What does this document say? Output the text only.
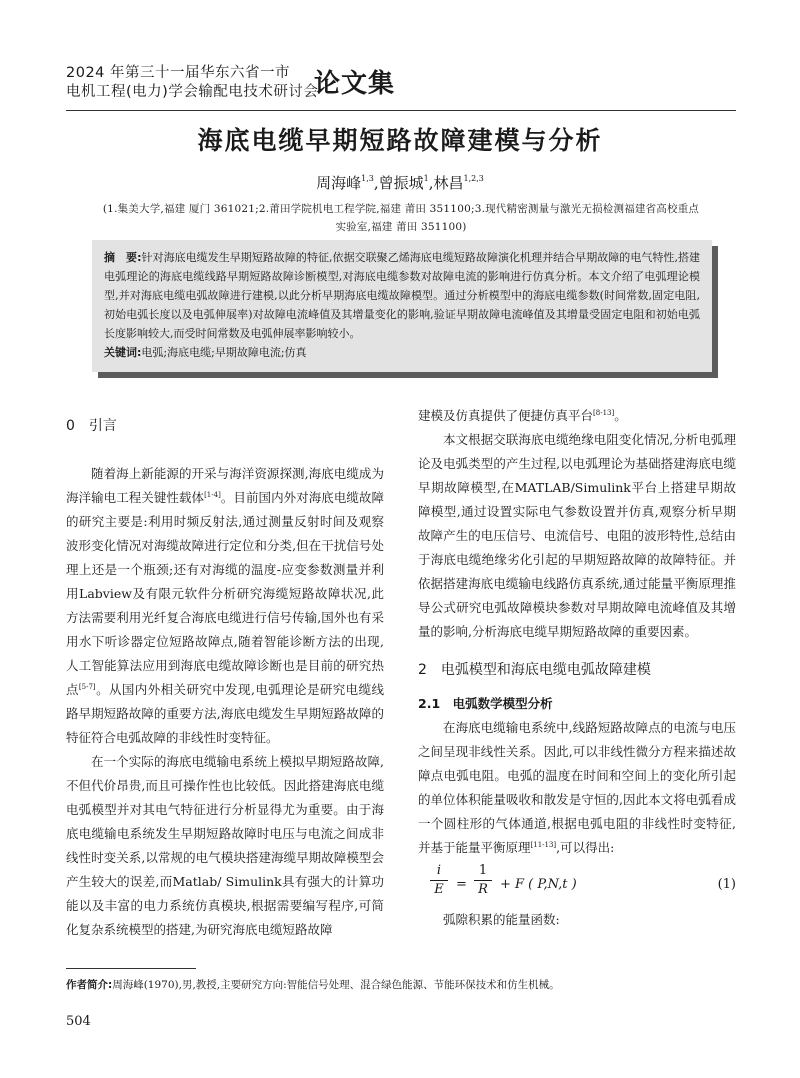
2024 年第三十一届华东六省一市
电机工程(电力)学会输配电技术研讨会
论文集
海底电缆早期短路故障建模与分析
周海峰$^{1,3}$,曾振城$^1$,林昌$^{1,2,3}$
(1.集美大学,福建 厦门 361021;2.莆田学院机电工程学院,福建 莆田 351100;3.现代精密测量与激光无损检测福建省高校重点
实验室,福建 莆田 351100)
摘　要:针对海底电缆发生早期短路故障的特征,依据交联聚乙烯海底电缆短路故障演化机理并结合早期故障的电气特性,搭建电弧理论的海底电缆线路早期短路故障诊断模型,对海底电缆参数对故障电流的影响进行仿真分析。本文介绍了电弧理论模型,并对海底电缆电弧故障进行建模,以此分析早期海底电缆故障模型。通过分析模型中的海底电缆参数(时间常数,固定电阻,初始电弧长度以及电弧伸展率)对故障电流峰值及其增量变化的影响,验证早期故障电流峰值及其增量受固定电阻和初始电弧长度影响较大,而受时间常数及电弧伸展率影响较小。
关键词:电弧;海底电缆;早期故障电流;仿真
0　引言

随着海上新能源的开采与海洋资源探测,海底电缆成为海洋输电工程关键性载体[1-4]。目前国内外对海底电缆故障的研究主要是:利用时频反射法,通过测量反射时间及观察波形变化情况对海缆故障进行定位和分类,但在干扰信号处理上还是一个瓶颈;还有对海缆的温度-应变参数测量并利用Labview及有限元软件分析研究海缆短路故障状况,此方法需要利用光纤复合海底电缆进行信号传输,国外也有采用水下听诊器定位短路故障点,随着智能诊断方法的出现,人工智能算法应用到海底电缆故障诊断也是目前的研究热点[5-7]。从国内外相关研究中发现,电弧理论是研究电缆线路早期短路故障的重要方法,海底电缆发生早期短路故障的特征符合电弧故障的非线性时变特征。

在一个实际的海底电缆输电系统上模拟早期短路故障,不但代价昂贵,而且可操作性也比较低。因此搭建海底电缆电弧模型并对其电气特征进行分析显得尤为重要。由于海底电缆输电系统发生早期短路故障时电压与电流之间成非线性时变关系,以常规的电气模块搭建海缆早期故障模型会产生较大的误差,而Matlab/ Simulink具有强大的计算功能以及丰富的电力系统仿真模块,根据需要编写程序,可简化复杂系统模型的搭建,为研究海底电缆短路故障

建模及仿真提供了便捷仿真平台[8-13]。

本文根据交联海底电缆绝缘电阻变化情况,分析电弧理论及电弧类型的产生过程,以电弧理论为基础搭建海底电缆早期故障模型,在MATLAB/Simulink平台上搭建早期故障模型,通过设置实际电气参数设置并仿真,观察分析早期故障产生的电压信号、电流信号、电阻的波形特性,总结由于海底电缆绝缘劣化引起的早期短路故障的故障特征。并依据搭建海底电缆输电线路仿真系统,通过能量平衡原理推导公式研究电弧故障模块参数对早期故障电流峰值及其增量的影响,分析海底电缆早期短路故障的重要因素。

2　电弧模型和海底电缆电弧故障建模
2.1　电弧数学模型分析

在海底电缆输电系统中,线路短路故障点的电流与电压之间呈现非线性关系。因此,可以非线性微分方程来描述故障点电弧电阻。电弧的温度在时间和空间上的变化所引起的单位体积能量吸收和散发是守恒的,因此本文将电弧看成一个圆柱形的气体通道,根据电弧电阻的非线性时变特征,并基于能量平衡原理[11-13],可以得出:

i
E =
1
R + F ( P,N,t )	(1)

弧隙积累的能量函数:

作者简介:周海峰(1970),男,教授,主要研究方向:智能信号处理、混合绿色能源、节能环保技术和仿生机械。
504
